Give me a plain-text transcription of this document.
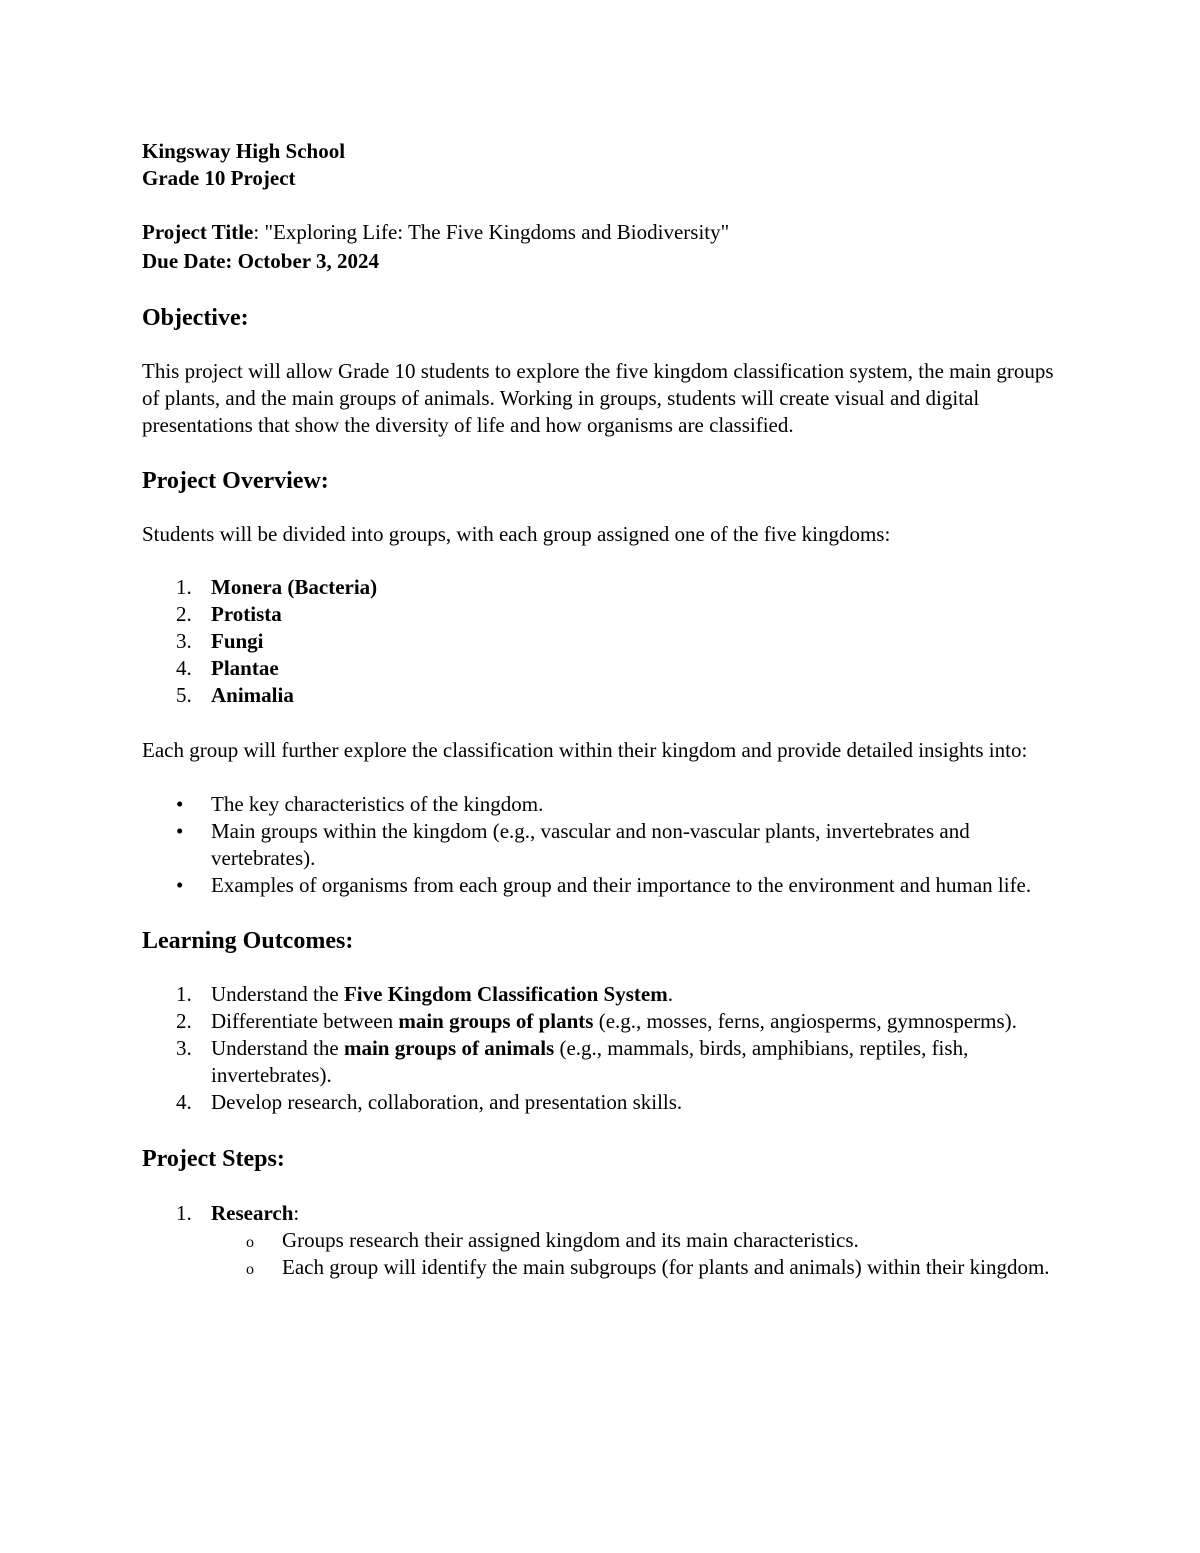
Kingsway High School

Grade 10 Project

Project Title: "Exploring Life: The Five Kingdoms and Biodiversity"

Due Date: October 3, 2024

Objective:

This project will allow Grade 10 students to explore the five kingdom classification system, the main groups of plants, and the main groups of animals. Working in groups, students will create visual and digital presentations that show the diversity of life and how organisms are classified.

Project Overview:

Students will be divided into groups, with each group assigned one of the five kingdoms:

1. Monera (Bacteria)
2. Protista
3. Fungi
4. Plantae
5. Animalia

Each group will further explore the classification within their kingdom and provide detailed insights into:

• The key characteristics of the kingdom.
• Main groups within the kingdom (e.g., vascular and non-vascular plants, invertebrates and vertebrates).
• Examples of organisms from each group and their importance to the environment and human life.
Learning Outcomes:
1. Understand the Five Kingdom Classification System.
2. Differentiate between main groups of plants (e.g., mosses, ferns, angiosperms, gymnosperms).
3. Understand the main groups of animals (e.g., mammals, birds, amphibians, reptiles, fish, invertebrates).
4. Develop research, collaboration, and presentation skills.
Project Steps:
1. Research:
o Groups research their assigned kingdom and its main characteristics.
o Each group will identify the main subgroups (for plants and animals) within their kingdom.
